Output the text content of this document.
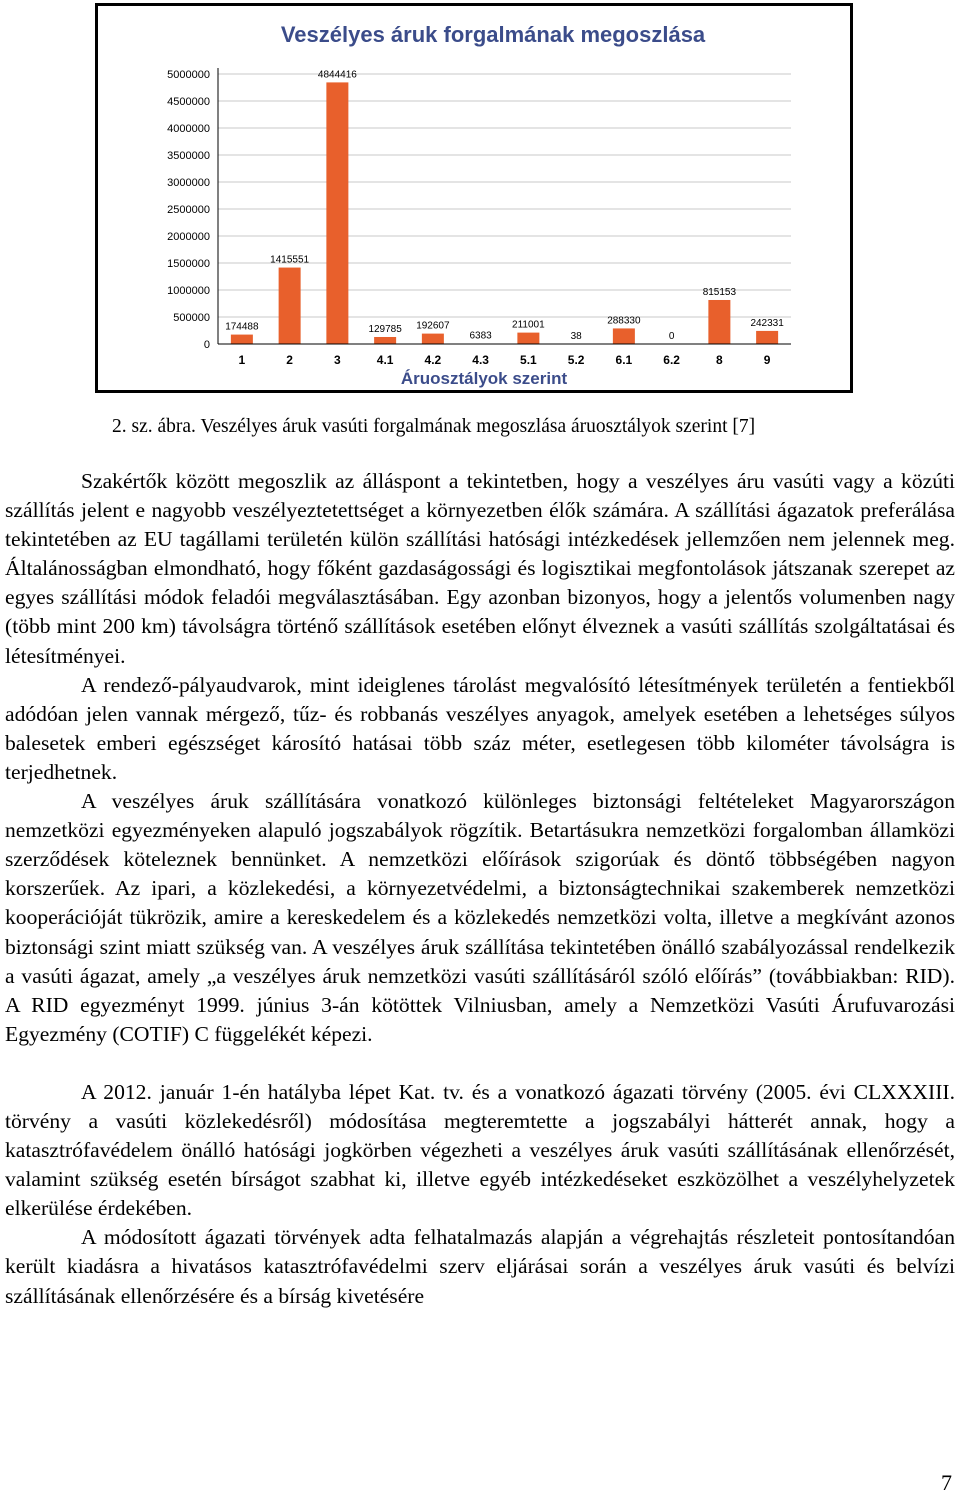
Veszélyes áruk forgalmának megoszlása
5000000
4500000
4000000
3500000
3000000
2500000
2000000
1500000
1000000
500000
0
174488
1415551
4844416
129785 192607
6383
211001
38
288330
0
815153
242331
1	2	3	4.1	4.2	4.3	5.1	5.2	6.1	6.2	8	9
Áruosztályok szerint
2. sz. ábra. Veszélyes áruk vasúti forgalmának megoszlása áruosztályok szerint [7]

Szakértők között megoszlik az álláspont a tekintetben, hogy a veszélyes áru vasúti vagy a közúti szállítás jelent e nagyobb veszélyeztetettséget a környezetben élők számára. A szállítási ágazatok preferálása tekintetében az EU tagállami területén külön szállítási hatósági intézkedések jellemzően nem jelennek meg. Általánosságban elmondható, hogy főként gazdaságossági és logisztikai megfontolások játszanak szerepet az egyes szállítási módok feladói megválasztásában. Egy azonban bizonyos, hogy a jelentős volumenben nagy (több mint 200 km) távolságra történő szállítások esetében előnyt élveznek a vasúti szállítás szolgáltatásai és létesítményei.

A rendező-pályaudvarok, mint ideiglenes tárolást megvalósító létesítmények területén a fentiekből adódóan jelen vannak mérgező, tűz- és robbanás veszélyes anyagok, amelyek esetében a lehetséges súlyos balesetek emberi egészséget károsító hatásai több száz méter, esetlegesen több kilométer távolságra is terjedhetnek.

A veszélyes áruk szállítására vonatkozó különleges biztonsági feltételeket Magyarországon nemzetközi egyezményeken alapuló jogszabályok rögzítik. Betartásukra nemzetközi forgalomban államközi szerződések köteleznek bennünket. A nemzetközi előírások szigorúak és döntő többségében nagyon korszerűek. Az ipari, a közlekedési, a környezetvédelmi, a biztonságtechnikai szakemberek nemzetközi kooperációját tükrözik, amire a kereskedelem és a közlekedés nemzetközi volta, illetve a megkívánt azonos biztonsági szint miatt szükség van. A veszélyes áruk szállítása tekintetében önálló szabályozással rendelkezik a vasúti ágazat, amely „a veszélyes áruk nemzetközi vasúti szállításáról szóló előírás” (továbbiakban: RID). A RID egyezményt 1999. június 3-án kötöttek Vilniusban, amely a Nemzetközi Vasúti Árufuvarozási Egyezmény (COTIF) C függelékét képezi.

A 2012. január 1-én hatályba lépet Kat. tv. és a vonatkozó ágazati törvény (2005. évi CLXXXIII. törvény a vasúti közlekedésről) módosítása megteremtette a jogszabályi hátterét annak, hogy a katasztrófavédelem önálló hatósági jogkörben végezheti a veszélyes áruk vasúti szállításának ellenőrzését, valamint szükség esetén bírságot szabhat ki, illetve egyéb intézkedéseket eszközölhet a veszélyhelyzetek elkerülése érdekében.

A módosított ágazati törvények adta felhatalmazás alapján a végrehajtás részleteit pontosítandóan került kiadásra a hivatásos katasztrófavédelmi szerv eljárásai során a veszélyes áruk vasúti és belvízi szállításának ellenőrzésére és a bírság kivetésére

7
